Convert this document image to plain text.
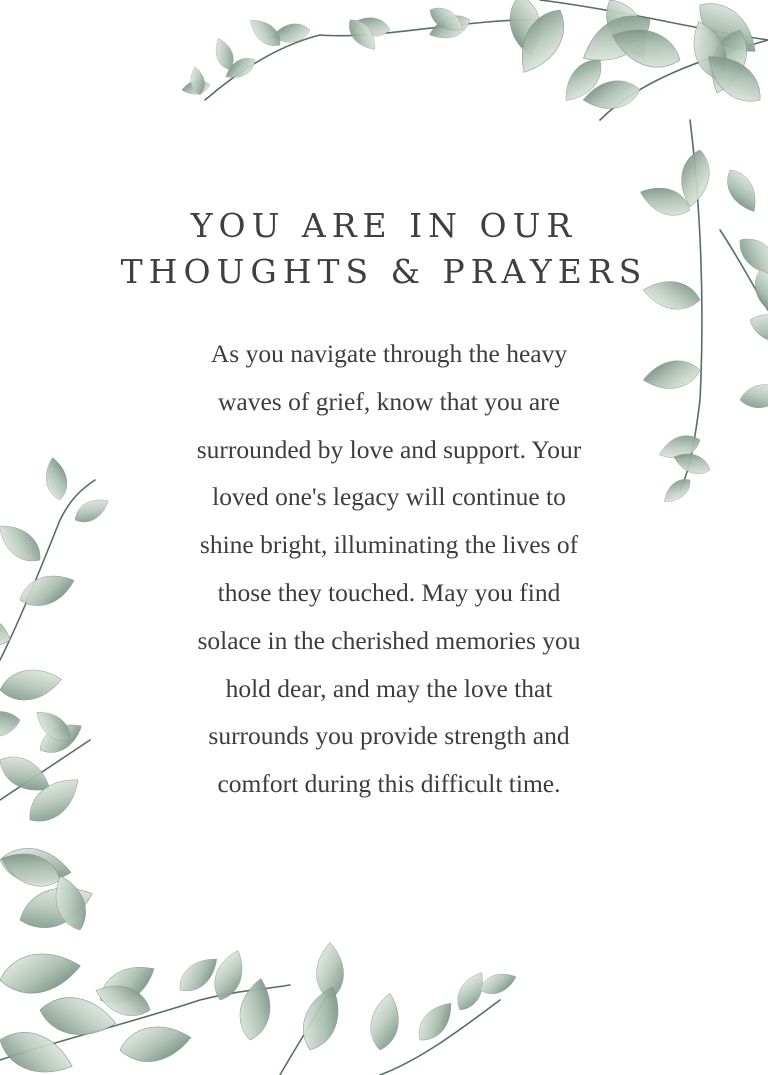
YOU ARE IN OUR
THOUGHTS & PRAYERS

As you navigate through the heavy
waves of grief, know that you are
surrounded by love and support. Your
loved one's legacy will continue to
shine bright, illuminating the lives of
those they touched. May you find
solace in the cherished memories you
hold dear, and may the love that
surrounds you provide strength and
comfort during this difficult time.
